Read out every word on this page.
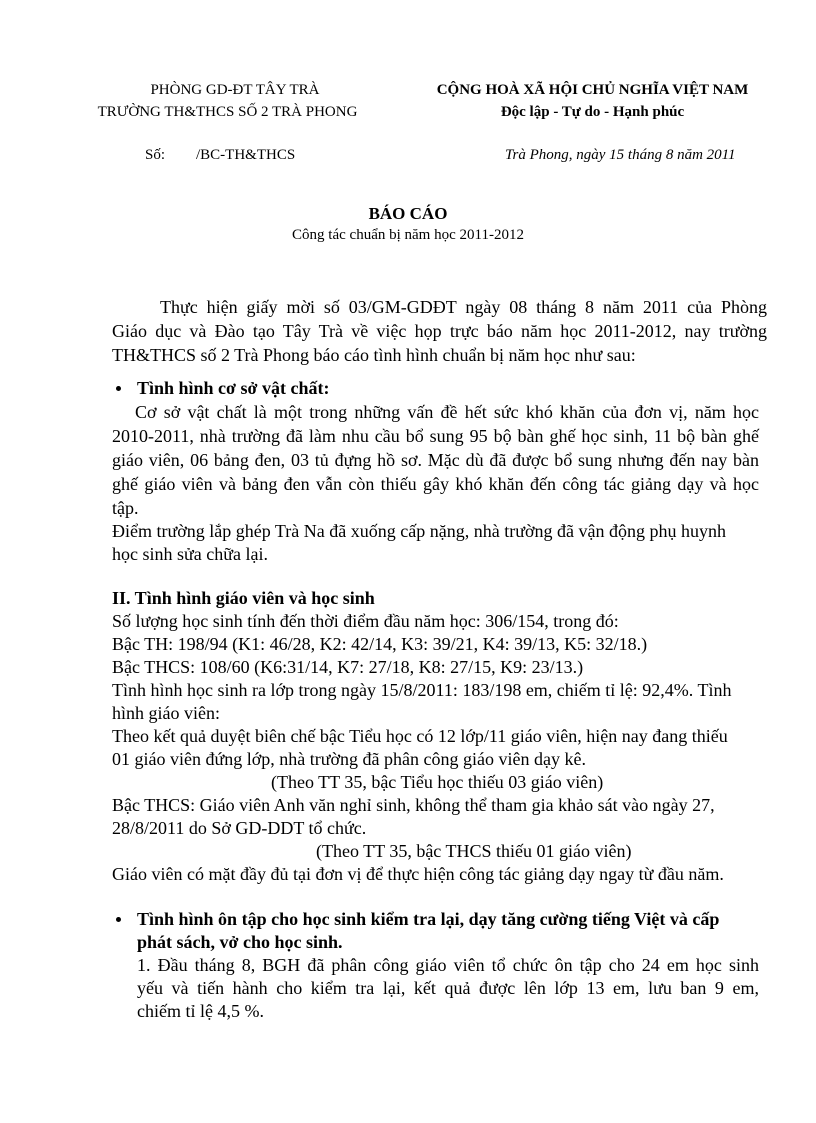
PHÒNG GD-ĐT TÂY TRÀ
TRƯỜNG TH&THCS SỐ 2 TRÀ PHONG
CỘNG HOÀ XÃ HỘI CHỦ NGHĨA VIỆT NAM
Độc lập - Tự do - Hạnh phúc
Số: /BC-TH&THCS	Trà Phong, ngày 15 tháng 8 năm 2011
BÁO CÁO
Công tác chuẩn bị năm học 2011-2012
Thực hiện giấy mời số 03/GM-GDĐT ngày 08 tháng 8 năm 2011 của Phòng
Giáo dục và Đào tạo Tây Trà về việc họp trực báo năm học 2011-2012, nay trường
TH&THCS số 2 Trà Phong báo cáo tình hình chuẩn bị năm học như sau:
Tình hình cơ sở vật chất:
Cơ sở vật chất là một trong những vấn đề hết sức khó khăn của đơn vị, năm học
2010-2011, nhà trường đã làm nhu cầu bổ sung 95 bộ bàn ghế học sinh, 11 bộ bàn ghế
giáo viên, 06 bảng đen, 03 tủ đựng hồ sơ. Mặc dù đã được bổ sung nhưng đến nay bàn
ghế giáo viên và bảng đen vẫn còn thiếu gây khó khăn đến công tác giảng dạy và học
tập.
Điểm trường lắp ghép Trà Na đã xuống cấp nặng, nhà trường đã vận động phụ huynh
học sinh sửa chữa lại.
II. Tình hình giáo viên và học sinh
Số lượng học sinh tính đến thời điểm đầu năm học: 306/154, trong đó:
Bậc TH: 198/94 (K1: 46/28, K2: 42/14, K3: 39/21, K4: 39/13, K5: 32/18.)
Bậc THCS: 108/60 (K6:31/14, K7: 27/18, K8: 27/15, K9: 23/13.)
Tình hình học sinh ra lớp trong ngày 15/8/2011: 183/198 em, chiếm tỉ lệ: 92,4%. Tình
hình giáo viên:
Theo kết quả duyệt biên chế bậc Tiểu học có 12 lớp/11 giáo viên, hiện nay đang thiếu
01 giáo viên đứng lớp, nhà trường đã phân công giáo viên dạy kê.
(Theo TT 35, bậc Tiểu học thiếu 03 giáo viên)
Bậc THCS: Giáo viên Anh văn nghỉ sinh, không thể tham gia khảo sát vào ngày 27,
28/8/2011 do Sở GD-DDT tổ chức.
(Theo TT 35, bậc THCS thiếu 01 giáo viên)
Giáo viên có mặt đầy đủ tại đơn vị để thực hiện công tác giảng dạy ngay từ đầu năm.
Tình hình ôn tập cho học sinh kiểm tra lại, dạy tăng cường tiếng Việt và cấp
phát sách, vở cho học sinh.
1. Đầu tháng 8, BGH đã phân công giáo viên tổ chức ôn tập cho 24 em học sinh
yếu và tiến hành cho kiểm tra lại, kết quả được lên lớp 13 em, lưu ban 9 em,
chiếm tỉ lệ 4,5 %.
